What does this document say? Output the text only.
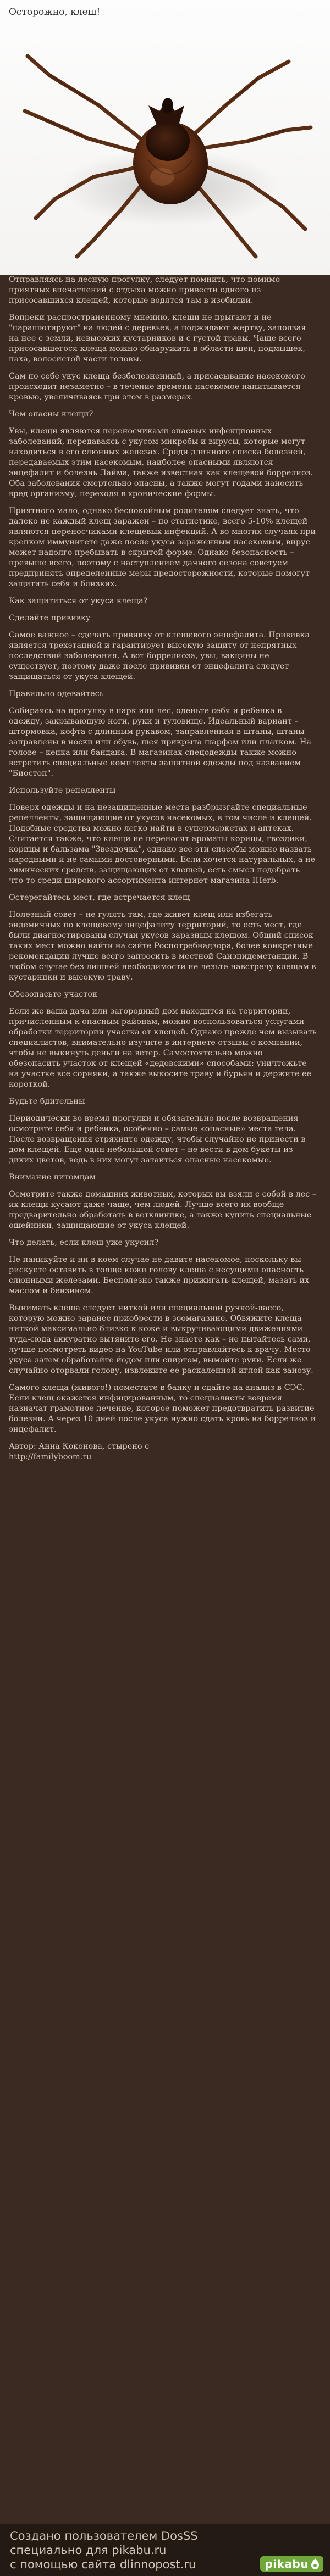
Осторожно, клещ!

Отправляясь на лесную прогулку, следует помнить, что помимо приятных впечатлений с отдыха можно привести одного из присосавшихся клещей, которые водятся там в изобилии.

Вопреки распространенному мнению, клещи не прыгают и не "парашютируют" на людей с деревьев, а поджидают жертву, заползая на нее с земли, невысоких кустарников и с густой травы. Чаще всего присосавшегося клеща можно обнаружить в области шеи, подмышек, паха, волосистой части головы.

Сам по себе укус клеща безболезненный, а присасывание насекомого происходит незаметно – в течение времени насекомое напитывается кровью, увеличиваясь при этом в размерах.

Чем опасны клещи?

Увы, клещи являются переносчиками опасных инфекционных заболеваний, передаваясь с укусом микробы и вирусы, которые могут находиться в его слюнных железах. Среди длинного списка болезней, передаваемых этим насекомым, наиболее опасными являются энцефалит и болезнь Лайма, также известная как клещевой боррелиоз. Оба заболевания смертельно опасны, а также могут годами наносить вред организму, переходя в хронические формы.

Приятного мало, однако беспокойным родителям следует знать, что далеко не каждый клещ заражен – по статистике, всего 5-10% клещей являются переносчиками клещевых инфекций. А во многих случаях при крепком иммунитете даже после укуса зараженным насекомым, вирус может надолго пребывать в скрытой форме. Однако безопасность – превыше всего, поэтому с наступлением дачного сезона советуем предпринять определенные меры предосторожности, которые помогут защитить себя и близких.

Как защититься от укуса клеща?
Сделайте прививку

Самое важное – сделать прививку от клещевого энцефалита. Прививка является трехэтапной и гарантирует высокую защиту от непрятных последствий заболевания. А вот боррелиоза, увы, вакцины не существует, поэтому даже после прививки от энцефалита следует защищаться от укуса клещей.

Правильно одевайтесь

Собираясь на прогулку в парк или лес, оденьте себя и ребенка в одежду, закрывающую ноги, руки и туловище. Идеальный вариант – штормовка, кофта с длинным рукавом, заправленная в штаны, штаны заправлены в носки или обувь, шея прикрыта шарфом или платком. На голове – кепка или бандана. В магазинах спецодежды также можно встретить специальные комплекты защитной одежды под названием "Биостоп".

Используйте репелленты

Поверх одежды и на незащищенные места разбрызгайте специальные репелленты, защищающие от укусов насекомых, в том числе и клещей. Подобные средства можно легко найти в супермаркетах и аптеках. Считается также, что клещи не переносят ароматы корицы, гвоздики, корицы и бальзама "Звездочка", однако все эти способы можно назвать народными и не самыми достоверными. Если хочется натуральных, а не химических средств, защищающих от клещей, есть смысл подобрать что-то среди широкого ассортимента интернет-магазина IHerb.

Остерегайтесь мест, где встречается клещ

Полезный совет – не гулять там, где живет клещ или избегать эндемичных по клещевому энцефалиту территорий, то есть мест, где были диагностированы случаи укусов заразным клещом. Общий список таких мест можно найти на сайте Роспотребнадзора, более конкретные рекомендации лучше всего запросить в местной Санэпидемстанции. В любом случае без лишней необходимости не лезьте навстречу клещам в кустарники и высокую траву.

Обезопасьте участок

Если же ваша дача или загородный дом находится на территории, причисленным к опасным районам, можно воспользоваться услугами обработки территории участка от клещей. Однако прежде чем вызывать специалистов, внимательно изучите в интернете отзывы о компании, чтобы не выкинуть деньги на ветер. Самостоятельно можно обезопасить участок от клещей «дедовскими» способами: уничтожьте на участке все сорняки, а также выкосите траву и бурьян и держите ее короткой.

Будьте бдительны

Периодически во время прогулки и обязательно после возвращения осмотрите себя и ребенка, особенно – самые «опасные» места тела. После возвращения стряхните одежду, чтобы случайно не принести в дом клещей. Еще один небольшой совет – не вести в дом букеты из диких цветов, ведь в них могут затаиться опасные насекомые.

Внимание питомцам

Осмотрите также домашних животных, которых вы взяли с собой в лес – их клещи кусают даже чаще, чем людей. Лучше всего их вообще предварительно обработать в ветклинике, а также купить специальные ошейники, защищающие от укуса клещей.

Что делать, если клещ уже укусил?

Не паникуйте и ни в коем случае не давите насекомое, поскольку вы рискуете оставить в толще кожи голову клеща с несущими опасность слюнными железами. Бесполезно также прижигать клещей, мазать их маслом и бензином.

Вынимать клеща следует ниткой или специальной ручкой-лассо, которую можно заранее приобрести в зоомагазине. Обвяжите клеща ниткой максимально близко к коже и выкручивающими движениями туда-сюда аккуратно вытяните его. Не знаете как – не пытайтесь сами, лучше посмотреть видео на YouTube или отправляйтесь к врачу. Место укуса затем обработайте йодом или спиртом, вымойте руки. Если же случайно оторвали голову, извлеките ее раскаленной иглой как занозу.

Самого клеща (живого!) поместите в банку и сдайте на анализ в СЭС. Если клещ окажется инфицированным, то специалисты вовремя назначат грамотное лечение, которое поможет предотвратить развитие болезни. А через 10 дней после укуса нужно сдать кровь на боррелиоз и энцефалит.

Автор: Анна Коконова, стырено с
http://familyboom.ru

Создано пользователем DosSS
специально для pikabu.ru
с помощью сайта dlinnopost.ru	pikabu
